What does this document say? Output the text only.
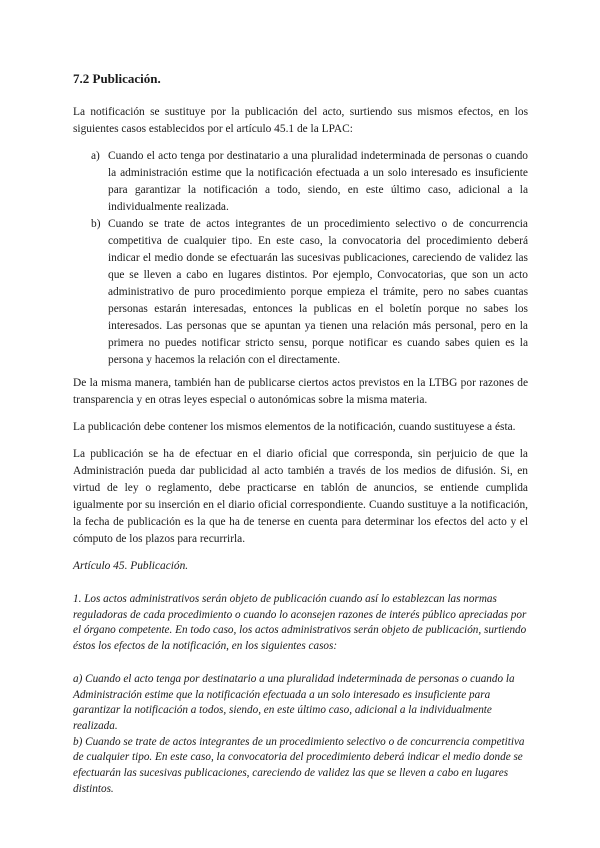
7.2 Publicación.

La notificación se sustituye por la publicación del acto, surtiendo sus mismos efectos, en los siguientes casos establecidos por el artículo 45.1 de la LPAC:

a) Cuando el acto tenga por destinatario a una pluralidad indeterminada de personas o cuando la administración estime que la notificación efectuada a un solo interesado es insuficiente para garantizar la notificación a todo, siendo, en este último caso, adicional a la individualmente realizada.
b) Cuando se trate de actos integrantes de un procedimiento selectivo o de concurrencia competitiva de cualquier tipo. En este caso, la convocatoria del procedimiento deberá indicar el medio donde se efectuarán las sucesivas publicaciones, careciendo de validez las que se lleven a cabo en lugares distintos. Por ejemplo, Convocatorias, que son un acto administrativo de puro procedimiento porque empieza el trámite, pero no sabes cuantas personas estarán interesadas, entonces la publicas en el boletín porque no sabes los interesados. Las personas que se apuntan ya tienen una relación más personal, pero en la primera no puedes notificar stricto sensu, porque notificar es cuando sabes quien es la persona y hacemos la relación con el directamente.

De la misma manera, también han de publicarse ciertos actos previstos en la LTBG por razones de transparencia y en otras leyes especial o autonómicas sobre la misma materia.

La publicación debe contener los mismos elementos de la notificación, cuando sustituyese a ésta.

La publicación se ha de efectuar en el diario oficial que corresponda, sin perjuicio de que la Administración pueda dar publicidad al acto también a través de los medios de difusión. Si, en virtud de ley o reglamento, debe practicarse en tablón de anuncios, se entiende cumplida igualmente por su inserción en el diario oficial correspondiente. Cuando sustituye a la notificación, la fecha de publicación es la que ha de tenerse en cuenta para determinar los efectos del acto y el cómputo de los plazos para recurrirla.

Artículo 45. Publicación.
1. Los actos administrativos serán objeto de publicación cuando así lo establezcan las normas reguladoras de cada procedimiento o cuando lo aconsejen razones de interés público apreciadas por el órgano competente. En todo caso, los actos administrativos serán objeto de publicación, surtiendo éstos los efectos de la notificación, en los siguientes casos:
a) Cuando el acto tenga por destinatario a una pluralidad indeterminada de personas o cuando la Administración estime que la notificación efectuada a un solo interesado es insuficiente para garantizar la notificación a todos, siendo, en este último caso, adicional a la individualmente realizada.
b) Cuando se trate de actos integrantes de un procedimiento selectivo o de concurrencia competitiva de cualquier tipo. En este caso, la convocatoria del procedimiento deberá indicar el medio donde se efectuarán las sucesivas publicaciones, careciendo de validez las que se lleven a cabo en lugares distintos.
